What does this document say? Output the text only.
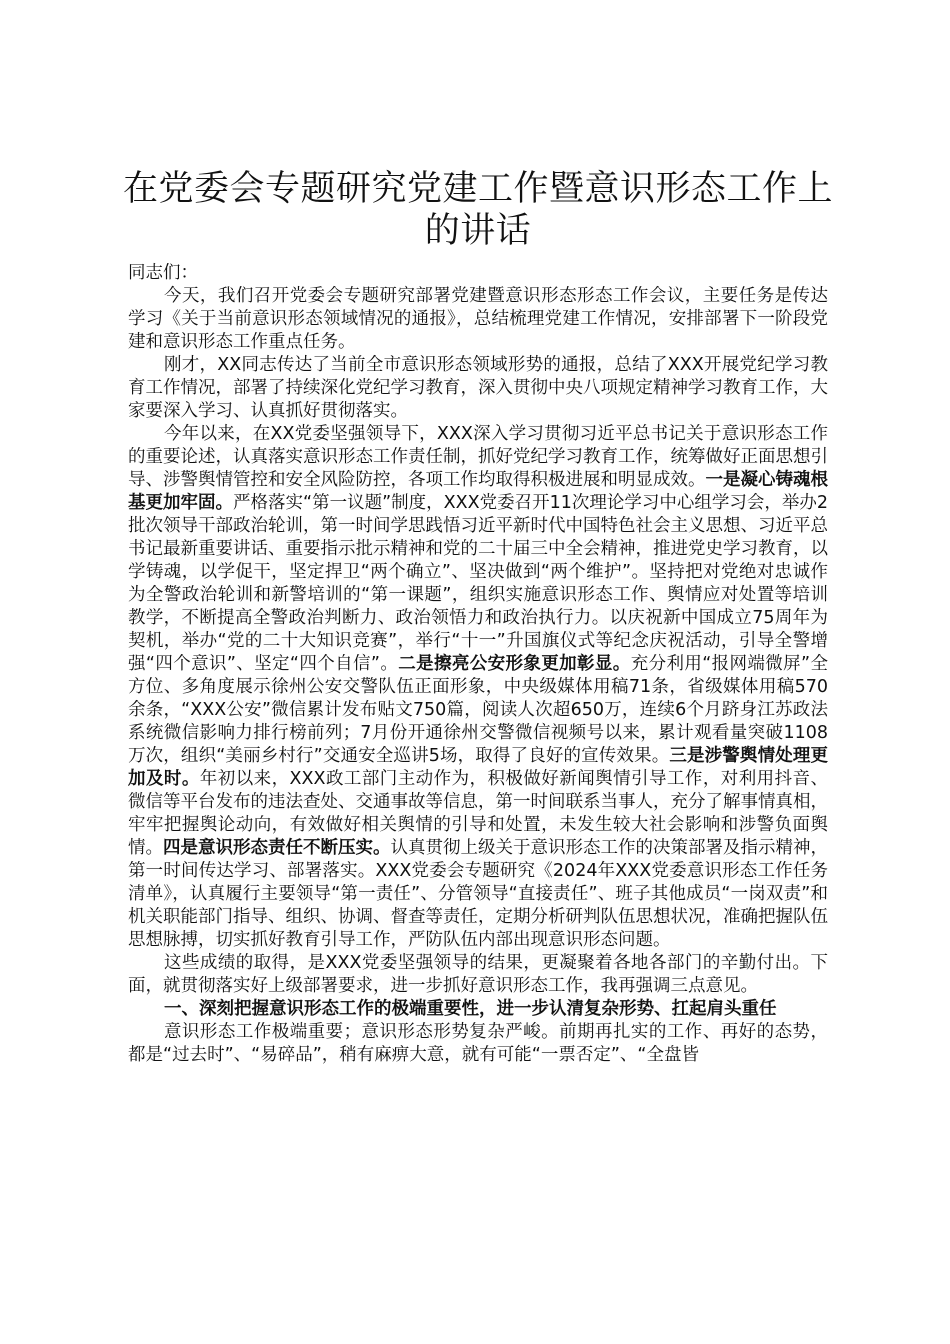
在党委会专题研究党建工作暨意识形态工作上的讲话

同志们：

今天，我们召开党委会专题研究部署党建暨意识形态形态工作会议，主要任务是传达学习《关于当前意识形态领域情况的通报》，总结梳理党建工作情况，安排部署下一阶段党建和意识形态工作重点任务。

刚才，XX同志传达了当前全市意识形态领域形势的通报，总结了XXX开展党纪学习教育工作情况，部署了持续深化党纪学习教育，深入贯彻中央八项规定精神学习教育工作，大家要深入学习、认真抓好贯彻落实。

今年以来，在XX党委坚强领导下，XXX深入学习贯彻习近平总书记关于意识形态工作的重要论述，认真落实意识形态工作责任制，抓好党纪学习教育工作，统筹做好正面思想引导、涉警舆情管控和安全风险防控，各项工作均取得积极进展和明显成效。一是凝心铸魂根基更加牢固。严格落实“第一议题”制度，XXX党委召开11次理论学习中心组学习会，举办2批次领导干部政治轮训，第一时间学思践悟习近平新时代中国特色社会主义思想、习近平总书记最新重要讲话、重要指示批示精神和党的二十届三中全会精神，推进党史学习教育，以学铸魂，以学促干，坚定捍卫“两个确立”、坚决做到“两个维护”。坚持把对党绝对忠诚作为全警政治轮训和新警培训的“第一课题”，组织实施意识形态工作、舆情应对处置等培训教学，不断提高全警政治判断力、政治领悟力和政治执行力。以庆祝新中国成立75周年为契机，举办“党的二十大知识竞赛”，举行“十一”升国旗仪式等纪念庆祝活动，引导全警增强“四个意识”、坚定“四个自信”。二是擦亮公安形象更加彰显。充分利用“报网端微屏”全方位、多角度展示徐州公安交警队伍正面形象，中央级媒体用稿71条，省级媒体用稿570余条，“XXX公安”微信累计发布贴文750篇，阅读人次超650万，连续6个月跻身江苏政法系统微信影响力排行榜前列；7月份开通徐州交警微信视频号以来，累计观看量突破1108万次，组织“美丽乡村行”交通安全巡讲5场，取得了良好的宣传效果。三是涉警舆情处理更加及时。年初以来，XXX政工部门主动作为，积极做好新闻舆情引导工作，对利用抖音、微信等平台发布的违法查处、交通事故等信息，第一时间联系当事人，充分了解事情真相，牢牢把握舆论动向，有效做好相关舆情的引导和处置，未发生较大社会影响和涉警负面舆情。四是意识形态责任不断压实。认真贯彻上级关于意识形态工作的决策部署及指示精神，第一时间传达学习、部署落实。XXX党委会专题研究《2024年XXX党委意识形态工作任务清单》，认真履行主要领导“第一责任”、分管领导“直接责任”、班子其他成员“一岗双责”和机关职能部门指导、组织、协调、督查等责任，定期分析研判队伍思想状况，准确把握队伍思想脉搏，切实抓好教育引导工作，严防队伍内部出现意识形态问题。

这些成绩的取得，是XXX党委坚强领导的结果，更凝聚着各地各部门的辛勤付出。下面，就贯彻落实好上级部署要求，进一步抓好意识形态工作，我再强调三点意见。

一、深刻把握意识形态工作的极端重要性，进一步认清复杂形势、扛起肩头重任

意识形态工作极端重要；意识形态形势复杂严峻。前期再扎实的工作、再好的态势，都是“过去时”、“易碎品”，稍有麻痹大意，就有可能“一票否定”、“全盘皆
